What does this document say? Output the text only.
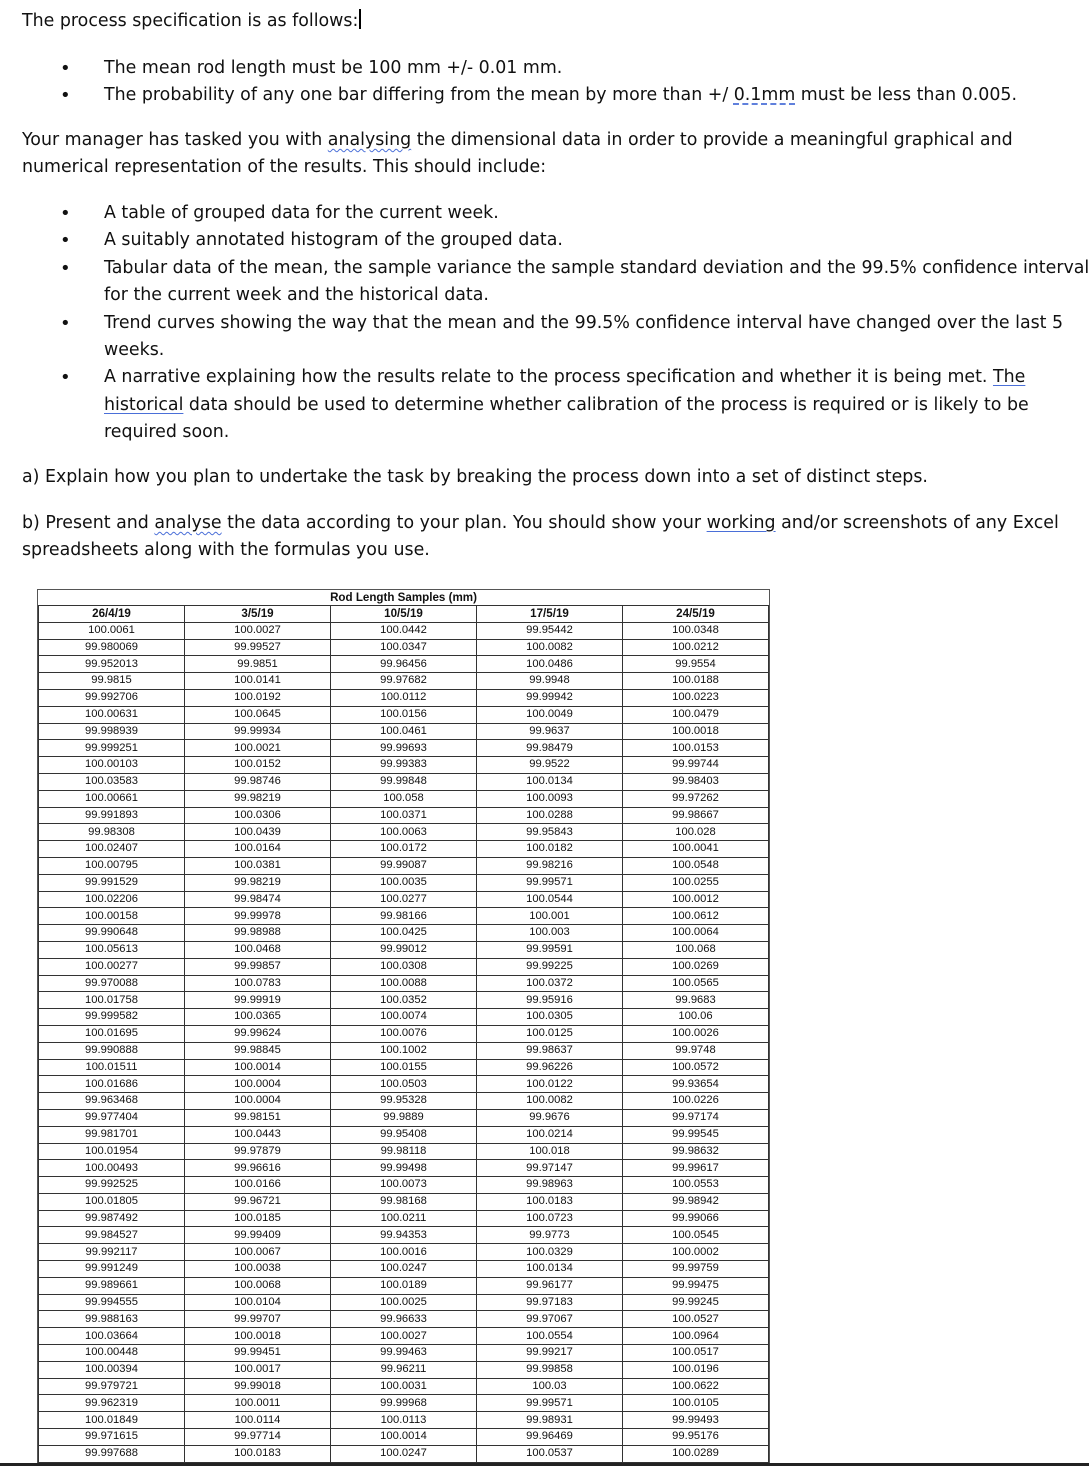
The process specification is as follows:

• The mean rod length must be 100 mm +/- 0.01 mm.
• The probability of any one bar differing from the mean by more than +/ 0.1mm must be less than 0.005.

Your manager has tasked you with analysing the dimensional data in order to provide a meaningful graphical and numerical representation of the results. This should include:

• A table of grouped data for the current week.
• A suitably annotated histogram of the grouped data.
• Tabular data of the mean, the sample variance the sample standard deviation and the 99.5% confidence interval for the current week and the historical data.
• Trend curves showing the way that the mean and the 99.5% confidence interval have changed over the last 5 weeks.
• A narrative explaining how the results relate to the process specification and whether it is being met. The historical data should be used to determine whether calibration of the process is required or is likely to be required soon.

a) Explain how you plan to undertake the task by breaking the process down into a set of distinct steps.

b) Present and analyse the data according to your plan. You should show your working and/or screenshots of any Excel spreadsheets along with the formulas you use.

Rod Length Samples (mm)
26/4/19	3/5/19	10/5/19	17/5/19	24/5/19
100.0061	100.0027	100.0442	99.95442	100.0348
99.980069	99.99527	100.0347	100.0082	100.0212
99.952013	99.9851	99.96456	100.0486	99.9554
99.9815	100.0141	99.97682	99.9948	100.0188
99.992706	100.0192	100.0112	99.99942	100.0223
100.00631	100.0645	100.0156	100.0049	100.0479
99.998939	99.99934	100.0461	99.9637	100.0018
99.999251	100.0021	99.99693	99.98479	100.0153
100.00103	100.0152	99.99383	99.9522	99.99744
100.03583	99.98746	99.99848	100.0134	99.98403
100.00661	99.98219	100.058	100.0093	99.97262
99.991893	100.0306	100.0371	100.0288	99.98667
99.98308	100.0439	100.0063	99.95843	100.028
100.02407	100.0164	100.0172	100.0182	100.0041
100.00795	100.0381	99.99087	99.98216	100.0548
99.991529	99.98219	100.0035	99.99571	100.0255
100.02206	99.98474	100.0277	100.0544	100.0012
100.00158	99.99978	99.98166	100.001	100.0612
99.990648	99.98988	100.0425	100.003	100.0064
100.05613	100.0468	99.99012	99.99591	100.068
100.00277	99.99857	100.0308	99.99225	100.0269
99.970088	100.0783	100.0088	100.0372	100.0565
100.01758	99.99919	100.0352	99.95916	99.9683
99.999582	100.0365	100.0074	100.0305	100.06
100.01695	99.99624	100.0076	100.0125	100.0026
99.990888	99.98845	100.1002	99.98637	99.9748
100.01511	100.0014	100.0155	99.96226	100.0572
100.01686	100.0004	100.0503	100.0122	99.93654
99.963468	100.0004	99.95328	100.0082	100.0226
99.977404	99.98151	99.9889	99.9676	99.97174
99.981701	100.0443	99.95408	100.0214	99.99545
100.01954	99.97879	99.98118	100.018	99.98632
100.00493	99.96616	99.99498	99.97147	99.99617
99.992525	100.0166	100.0073	99.98963	100.0553
100.01805	99.96721	99.98168	100.0183	99.98942
99.987492	100.0185	100.0211	100.0723	99.99066
99.984527	99.99409	99.94353	99.9773	100.0545
99.992117	100.0067	100.0016	100.0329	100.0002
99.991249	100.0038	100.0247	100.0134	99.99759
99.989661	100.0068	100.0189	99.96177	99.99475
99.994555	100.0104	100.0025	99.97183	99.99245
99.988163	99.99707	99.96633	99.97067	100.0527
100.03664	100.0018	100.0027	100.0554	100.0964
100.00448	99.99451	99.99463	99.99217	100.0517
100.00394	100.0017	99.96211	99.99858	100.0196
99.979721	99.99018	100.0031	100.03	100.0622
99.962319	100.0011	99.99968	99.99571	100.0105
100.01849	100.0114	100.0113	99.98931	99.99493
99.971615	99.97714	100.0014	99.96469	99.95176
99.997688	100.0183	100.0247	100.0537	100.0289
